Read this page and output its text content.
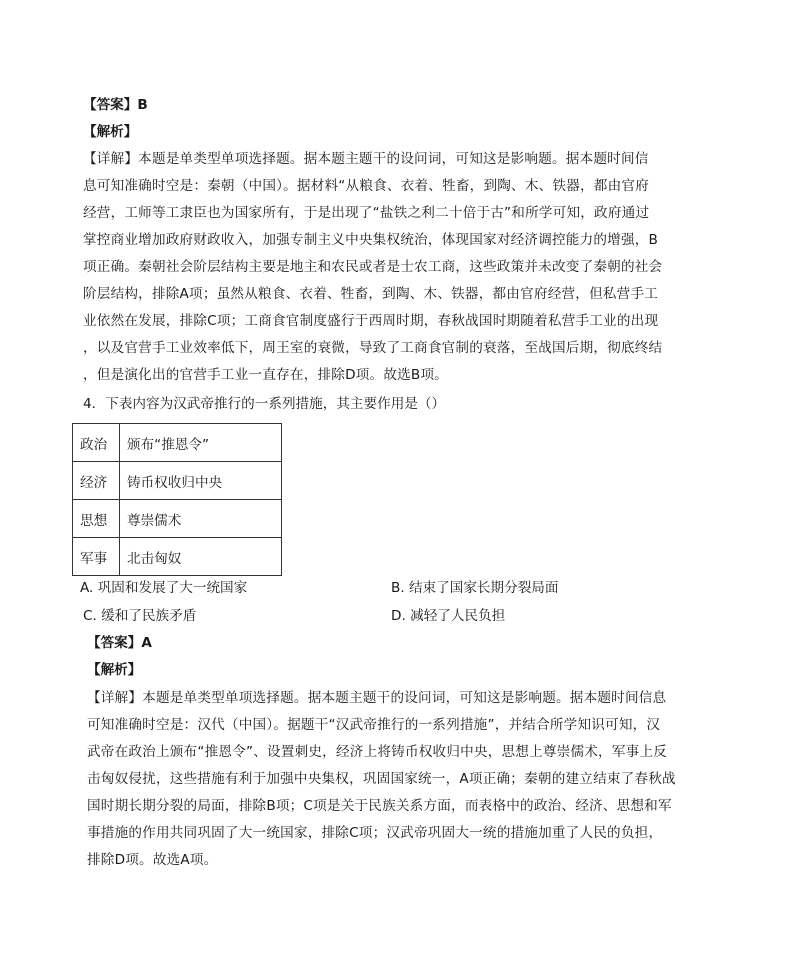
【答案】B
【解析】
【详解】本题是单类型单项选择题。据本题主题干的设问词，可知这是影响题。据本题时间信
息可知准确时空是：秦朝（中国）。据材料“从粮食、衣着、牲畜，到陶、木、铁器，都由官府
经营，工师等工隶臣也为国家所有，于是出现了“盐铁之利二十倍于古”和所学可知，政府通过
掌控商业增加政府财政收入，加强专制主义中央集权统治，体现国家对经济调控能力的增强，B
项正确。秦朝社会阶层结构主要是地主和农民或者是士农工商，这些政策并未改变了秦朝的社会
阶层结构，排除A项；虽然从粮食、衣着、牲畜，到陶、木、铁器，都由官府经营，但私营手工
业依然在发展，排除C项；工商食官制度盛行于西周时期，春秋战国时期随着私营手工业的出现
，以及官营手工业效率低下，周王室的衰微，导致了工商食官制的衰落，至战国后期，彻底终结
，但是演化出的官营手工业一直存在，排除D项。故选B项。
4．下表内容为汉武帝推行的一系列措施，其主要作用是（）
政治	颁布“推恩令”
经济	铸币权收归中央
思想	尊崇儒术
军事	北击匈奴
A. 巩固和发展了大一统国家	B. 结束了国家长期分裂局面
C. 缓和了民族矛盾	D. 减轻了人民负担
【答案】A
【解析】
【详解】本题是单类型单项选择题。据本题主题干的设问词，可知这是影响题。据本题时间信息
可知准确时空是：汉代（中国）。据题干“汉武帝推行的一系列措施”，并结合所学知识可知，汉
武帝在政治上颁布“推恩令”、设置刺史，经济上将铸币权收归中央，思想上尊崇儒术，军事上反
击匈奴侵扰，这些措施有利于加强中央集权，巩固国家统一，A项正确；秦朝的建立结束了春秋战
国时期长期分裂的局面，排除B项；C项是关于民族关系方面，而表格中的政治、经济、思想和军
事措施的作用共同巩固了大一统国家，排除C项；汉武帝巩固大一统的措施加重了人民的负担，
排除D项。故选A项。
